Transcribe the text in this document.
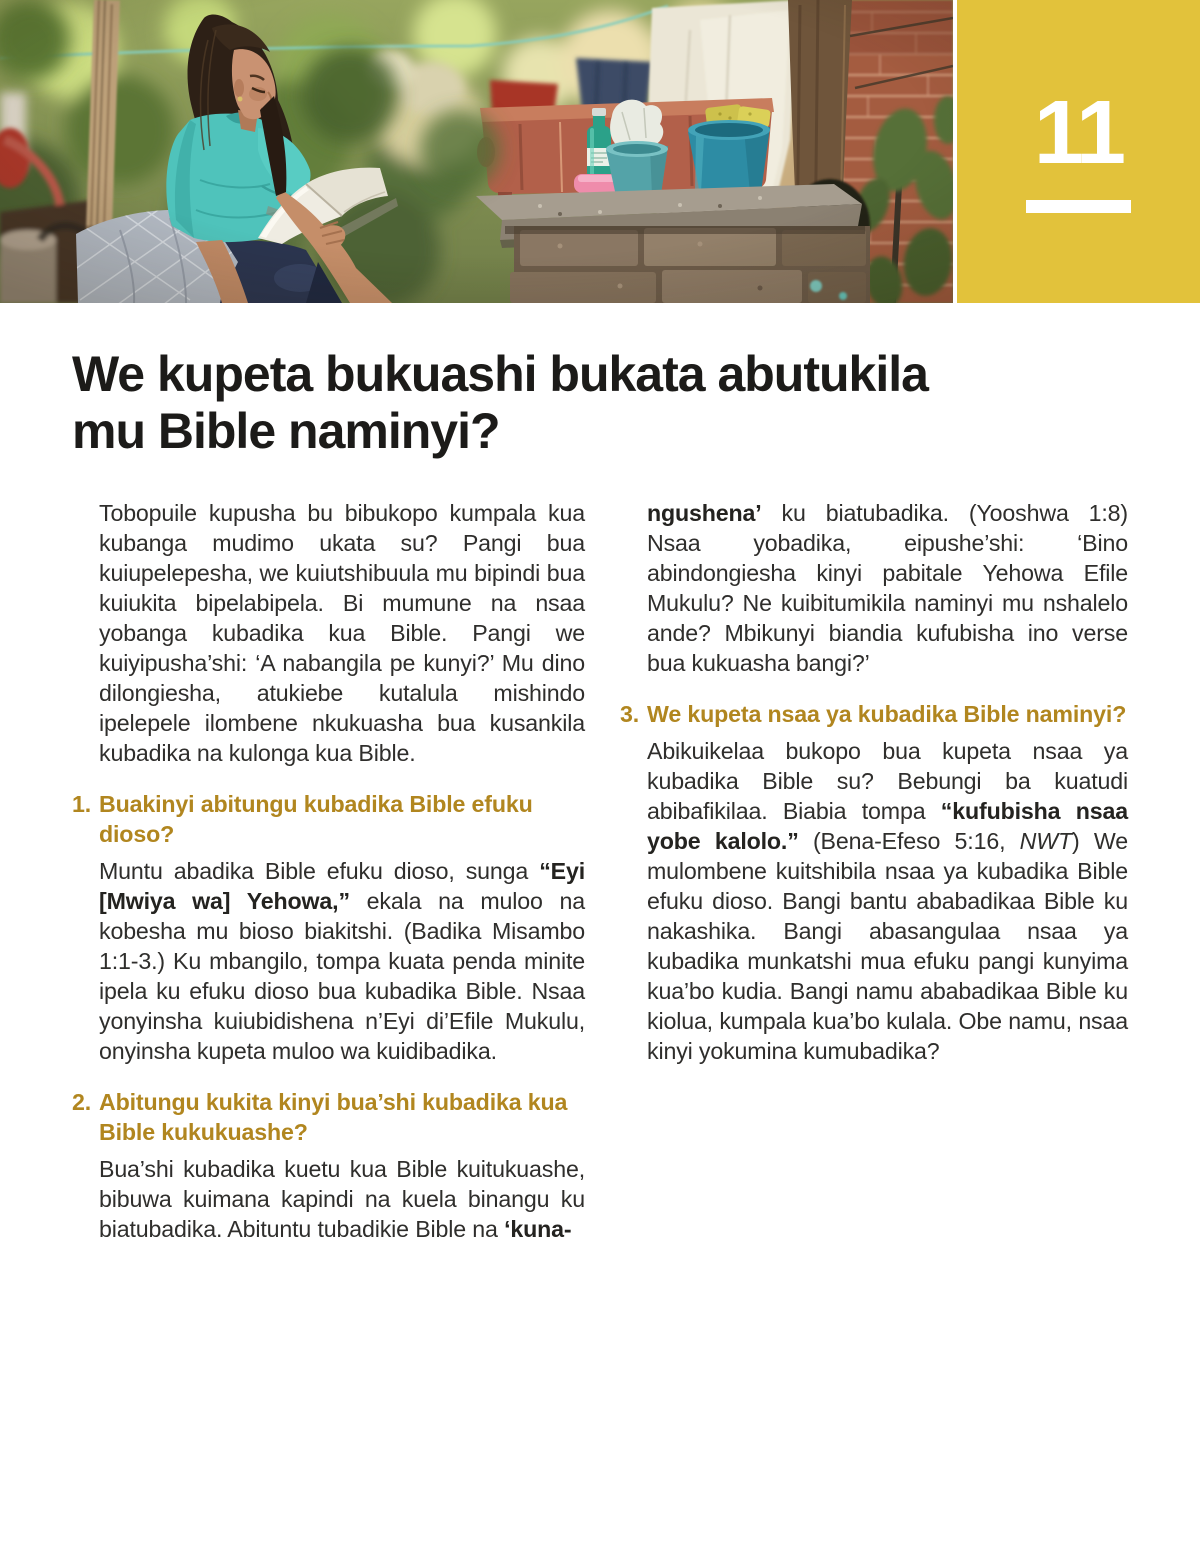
11
We kupeta bukuashi bukata abutukila
mu Bible naminyi?

Tobopuile kupusha bu bibukopo kumpala kua kubanga mudimo ukata su? Pangi bua kuiupelepesha, we kuiutshibuula mu bipindi bua kuiukita bipelabipela. Bi mumune na nsaa yobanga kubadika kua Bible. Pangi we kuiyipusha’shi: ‘A nabangila pe kunyi?’ Mu dino dilongiesha, atukiebe kutalula mishindo ipelepele ilombene nkukuasha bua kusankila kubadika na kulonga kua Bible.

1. Buakinyi abitungu kubadika Bible efuku dioso?

Muntu abadika Bible efuku dioso, sunga “Eyi [Mwiya wa] Yehowa,” ekala na muloo na kobesha mu bioso biakitshi. (Badika Misambo 1:1-3.) Ku mbangilo, tompa kuata penda minite ipela ku efuku dioso bua kubadika Bible. Nsaa yonyinsha kuiubidishena n’Eyi di’Efile Mukulu, onyinsha kupeta muloo wa kuidibadika.

2. Abitungu kukita kinyi bua’shi kubadika kua Bible kukukuashe?

Bua’shi kubadika kuetu kua Bible kuitukuashe, bibuwa kuimana kapindi na kuela binangu ku biatubadika. Abituntu tubadikie Bible na ‘kuna-

ngushena’ ku biatubadika. (Yooshwa 1:8) Nsaa yobadika, eipushe’shi: ‘Bino abindongiesha kinyi pabitale Yehowa Efile Mukulu? Ne kuibitumikila naminyi mu nshalelo ande? Mbikunyi biandia kufubisha ino verse bua kukuasha bangi?’

3. We kupeta nsaa ya kubadika Bible naminyi?

Abikuikelaa bukopo bua kupeta nsaa ya kubadika Bible su? Bebungi ba kuatudi abibafikilaa. Biabia tompa “kufubisha nsaa yobe kalolo.” (Bena-Efeso 5:16, NWT) We mulombene kuitshibila nsaa ya kubadika Bible efuku dioso. Bangi bantu ababadikaa Bible ku nakashika. Bangi abasangulaa nsaa ya kubadika munkatshi mua efuku pangi kunyima kua’bo kudia. Bangi namu ababadikaa Bible ku kiolua, kumpala kua’bo kulala. Obe namu, nsaa kinyi yokumina kumubadika?
